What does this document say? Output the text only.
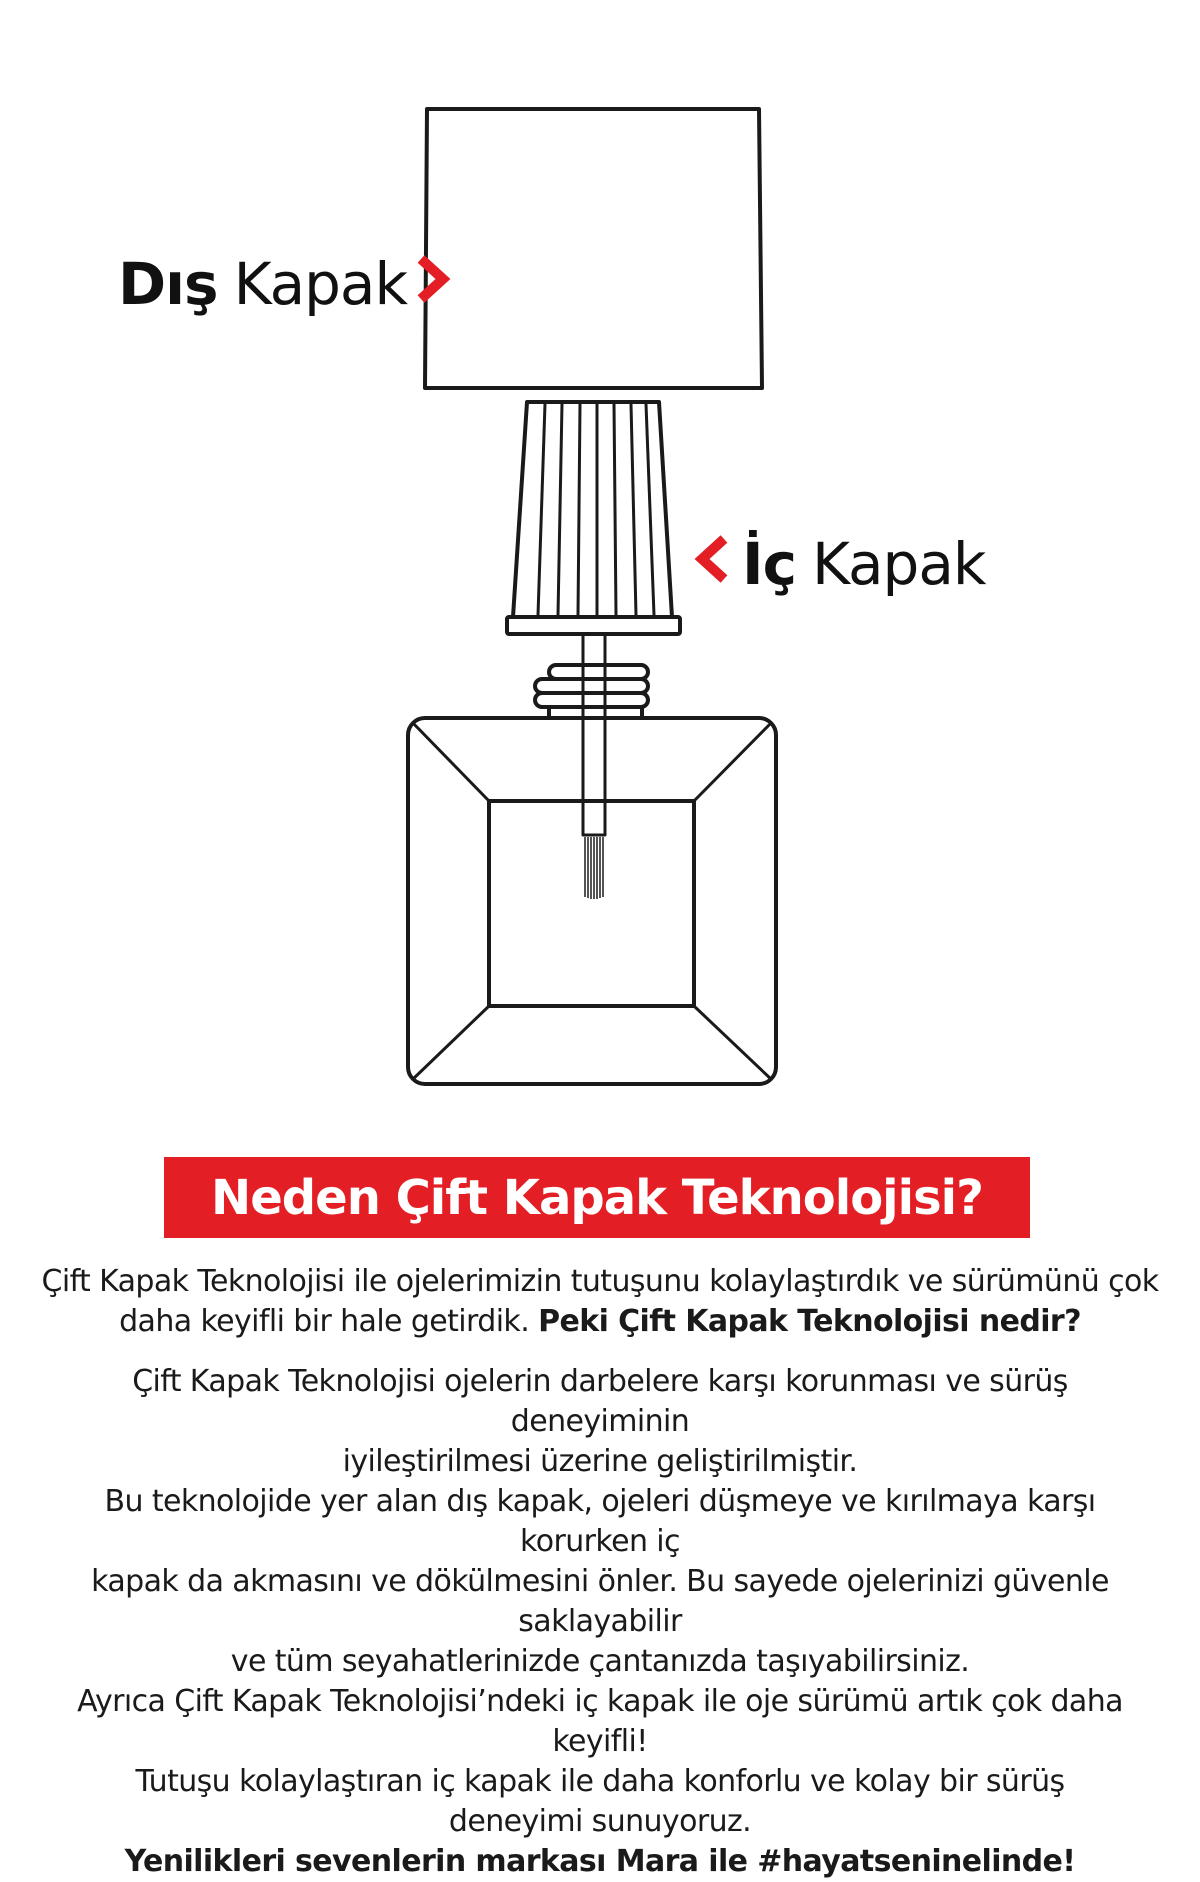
Dış Kapak
İç Kapak
Neden Çift Kapak Teknolojisi?

Çift Kapak Teknolojisi ile ojelerimizin tutuşunu kolaylaştırdık ve sürümünü çok
daha keyifli bir hale getirdik. Peki Çift Kapak Teknolojisi nedir?

Çift Kapak Teknolojisi ojelerin darbelere karşı korunması ve sürüş deneyiminin
iyileştirilmesi üzerine geliştirilmiştir.
Bu teknolojide yer alan dış kapak, ojeleri düşmeye ve kırılmaya karşı korurken iç
kapak da akmasını ve dökülmesini önler. Bu sayede ojelerinizi güvenle saklayabilir
ve tüm seyahatlerinizde çantanızda taşıyabilirsiniz.
Ayrıca Çift Kapak Teknolojisi’ndeki iç kapak ile oje sürümü artık çok daha keyifli!
Tutuşu kolaylaştıran iç kapak ile daha konforlu ve kolay bir sürüş
deneyimi sunuyoruz.
Yenilikleri sevenlerin markası Mara ile #hayatseninelinde!
